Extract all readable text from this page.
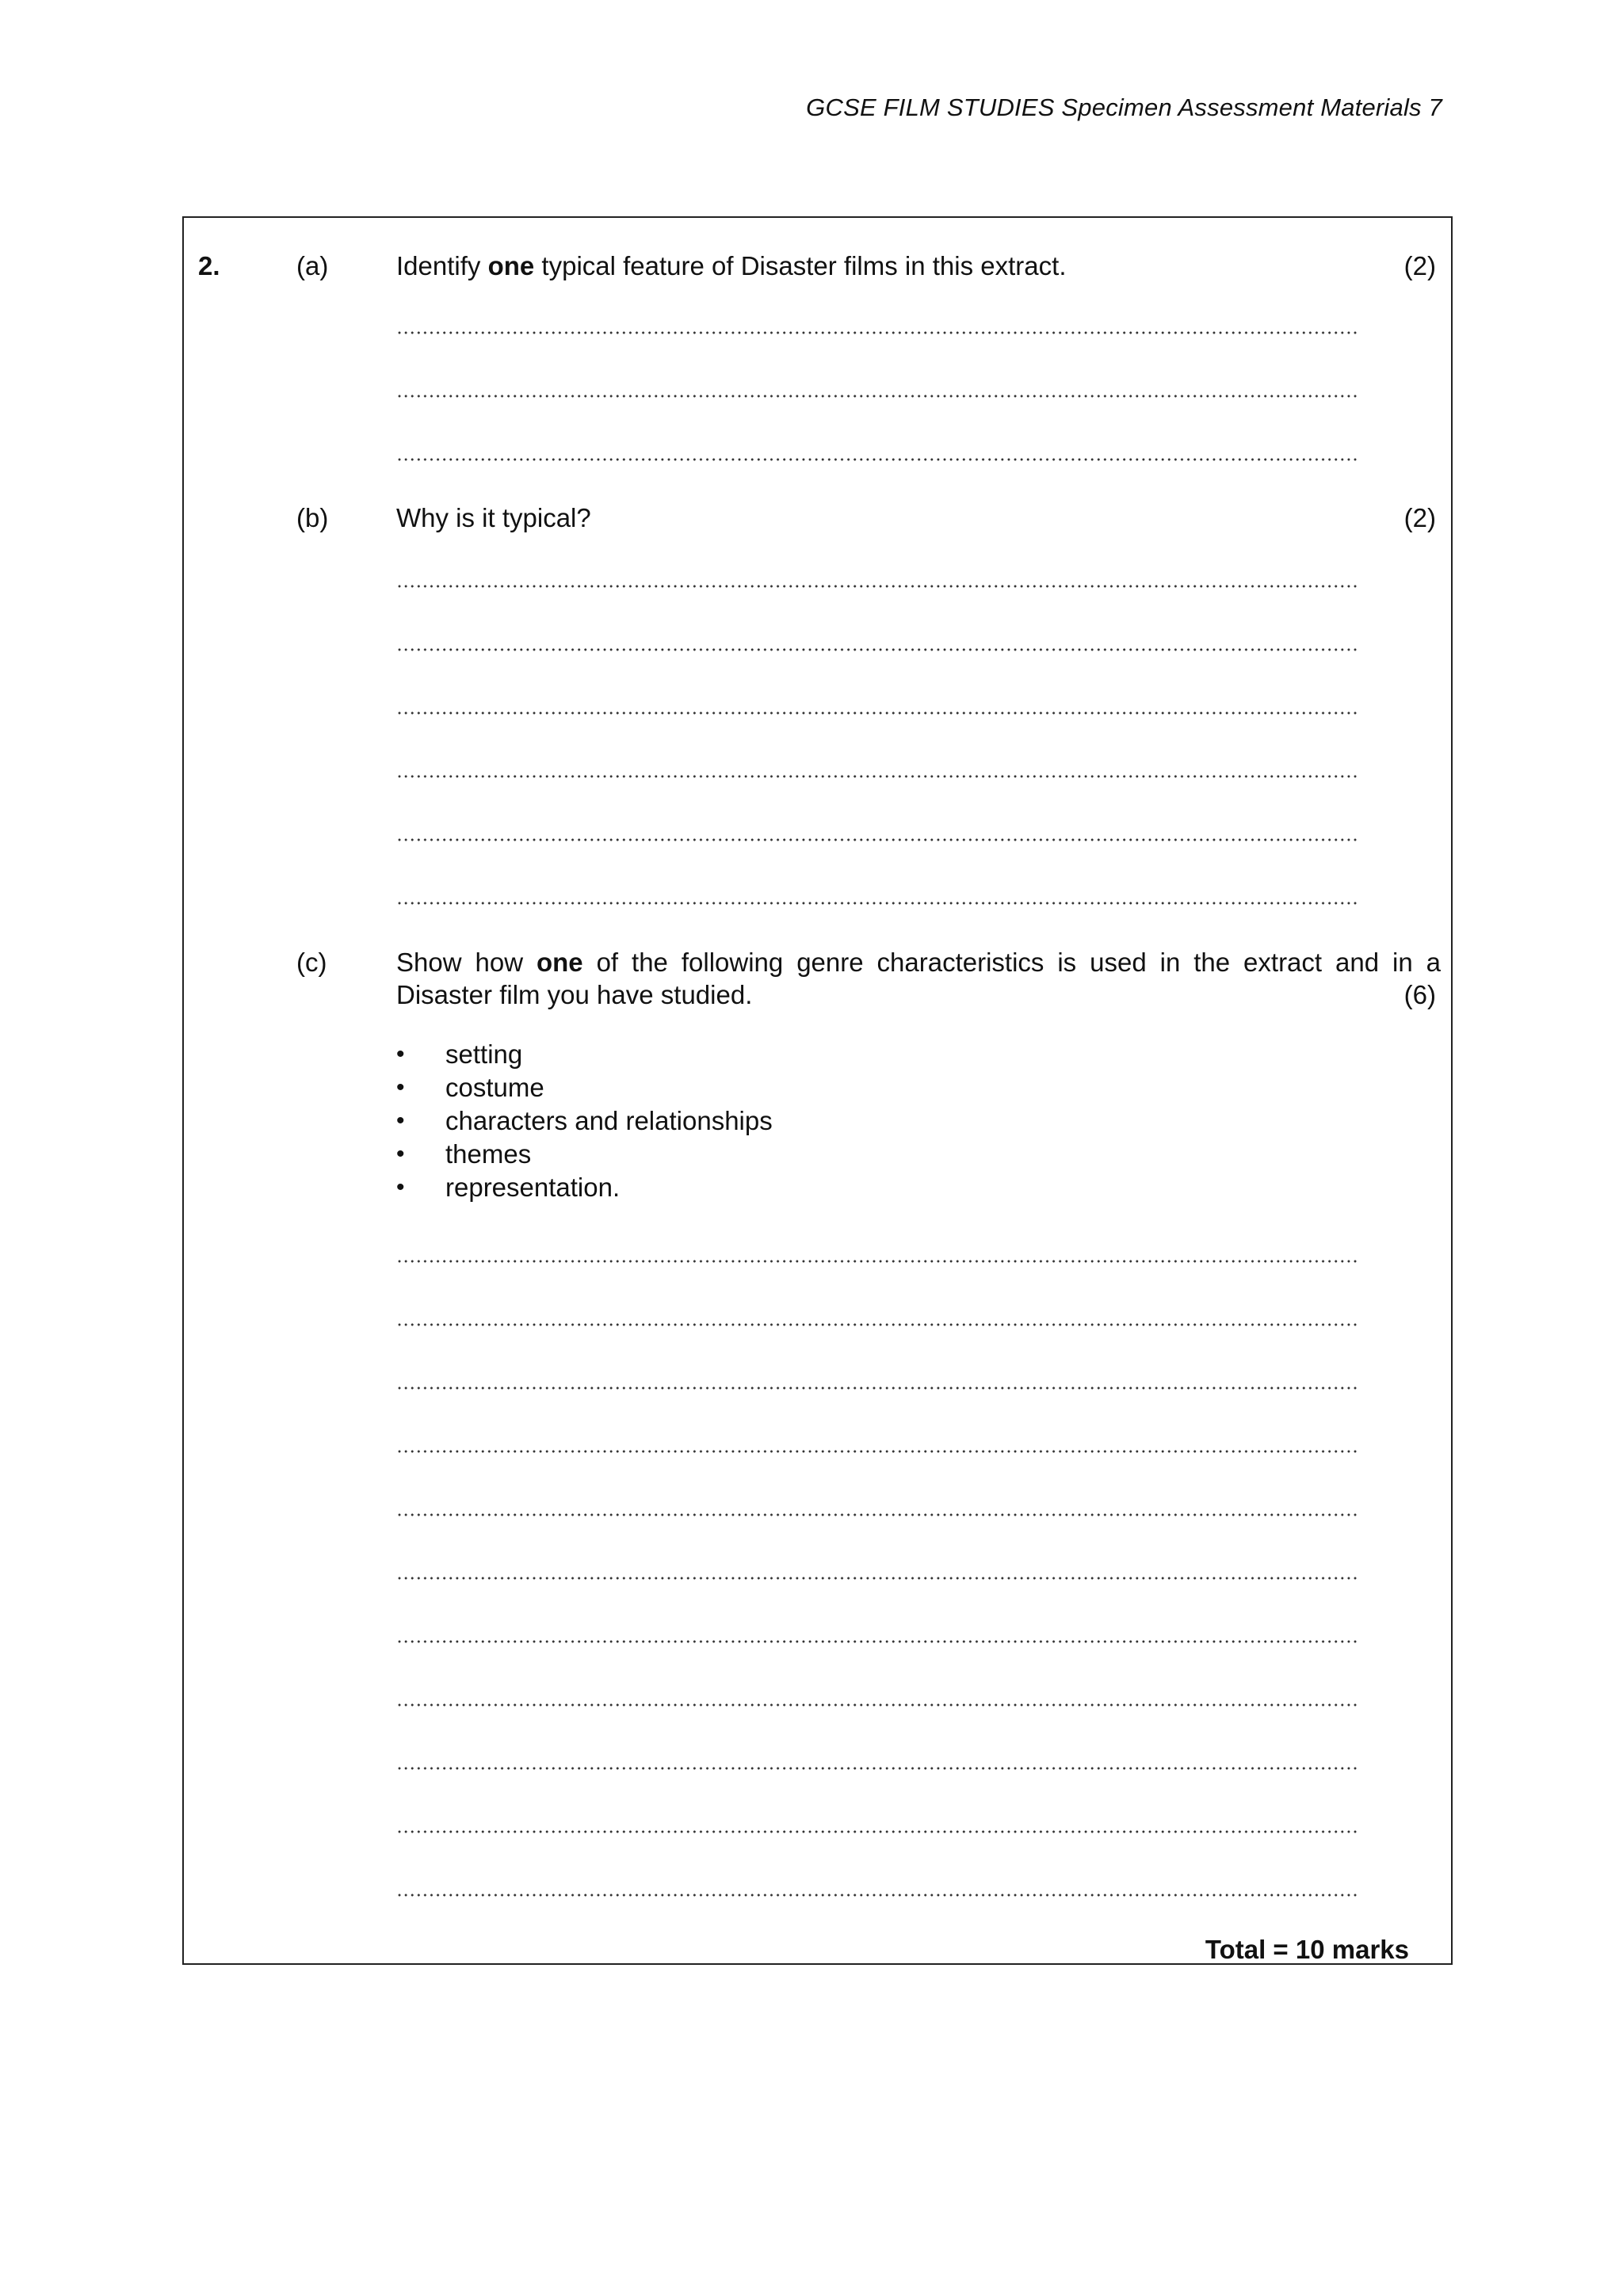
GCSE FILM STUDIES Specimen Assessment Materials 7
2.	(a)	Identify one typical feature of Disaster films in this extract.	(2)
(b)	Why is it typical?	(2)
(c)	Show how one of the following genre characteristics is used in the extract and in a
Disaster film you have studied.	(6)
•	setting
•	costume
•	characters and relationships
•	themes
•	representation.
Total = 10 marks
